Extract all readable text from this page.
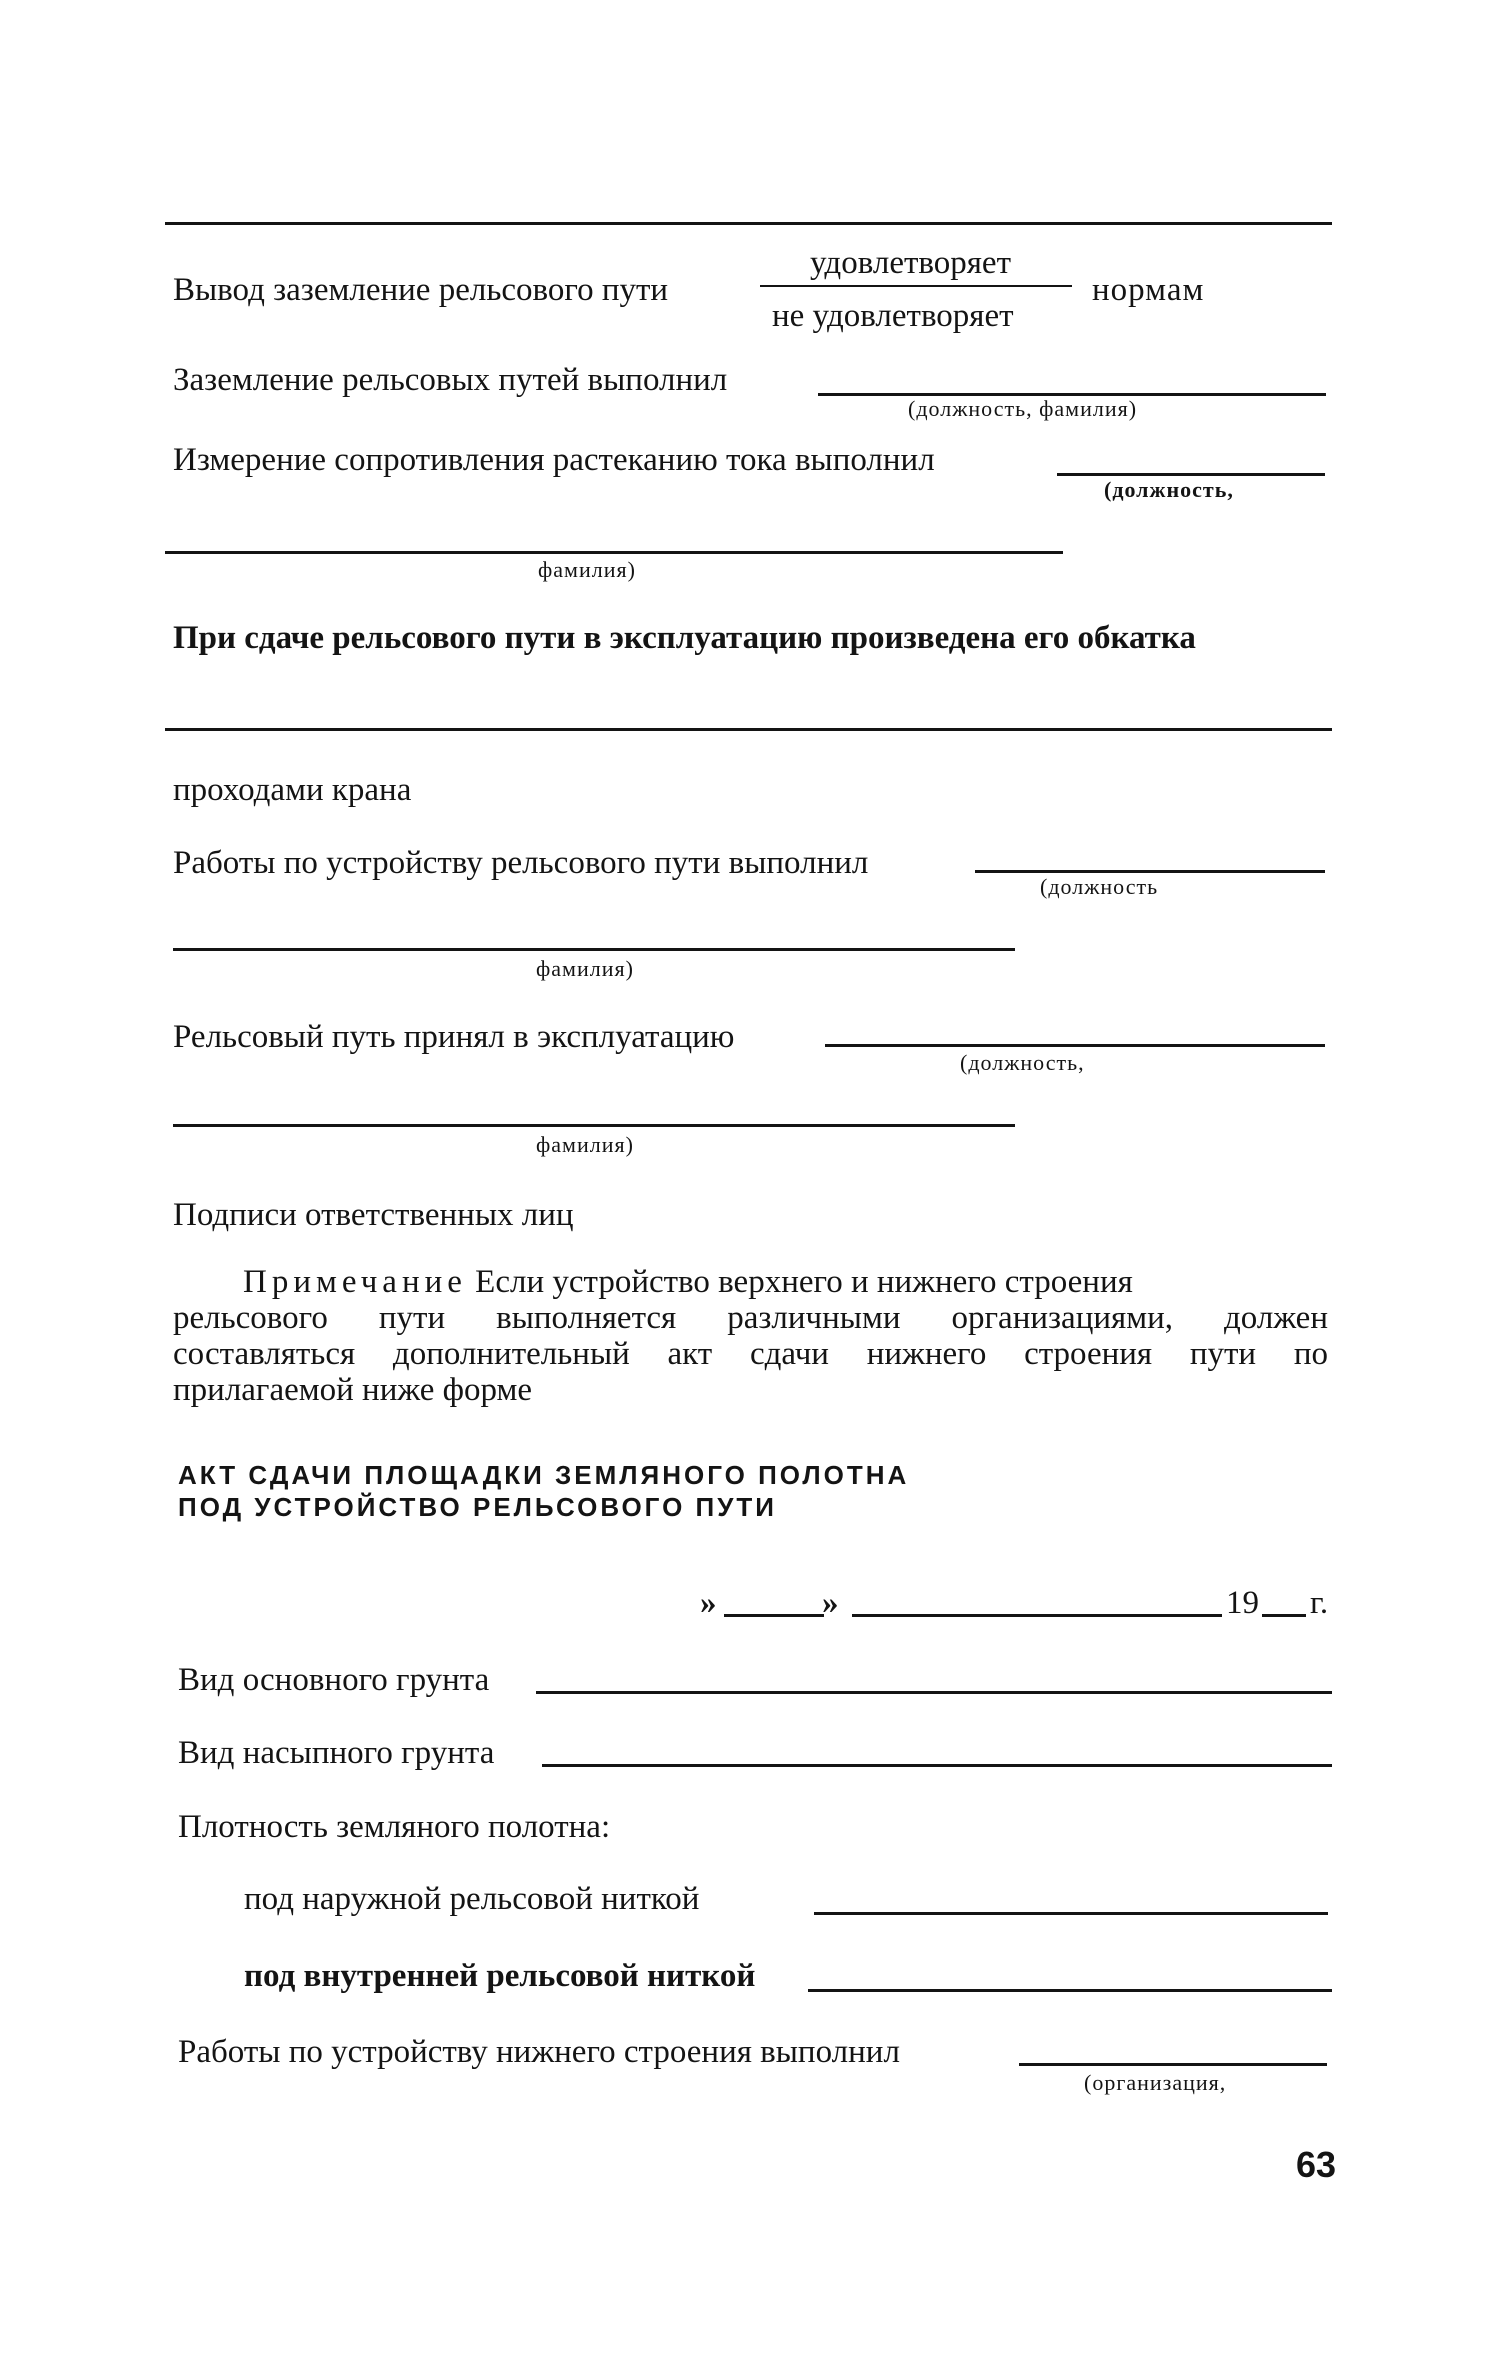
Вывод заземление рельсового пути
удовлетворяет
не удовлетворяет
нормам
Заземление рельсовых путей выполнил
(должность, фамилия)
Измерение сопротивления растеканию тока выполнил
(должность,
фамилия)
При сдаче рельсового пути в эксплуатацию произведена его обкатка
проходами крана
Работы по устройству рельсового пути выполнил
(должность
фамилия)
Рельсовый путь принял в эксплуатацию
(должность,
фамилия)
Подписи ответственных лиц
Примечание Если устройство верхнего и нижнего строения
рельсового пути выполняется различными организациями, должен
составляться дополнительный акт сдачи нижнего строения пути по
прилагаемой ниже форме
АКТ СДАЧИ ПЛОЩАДКИ ЗЕМЛЯНОГО ПОЛОТНА
ПОД УСТРОЙСТВО РЕЛЬСОВОГО ПУТИ
»	»	19 г.
Вид основного грунта
Вид насыпного грунта
Плотность земляного полотна:
под наружной рельсовой ниткой
под внутренней рельсовой ниткой
Работы по устройству нижнего строения выполнил
(организация,
63
